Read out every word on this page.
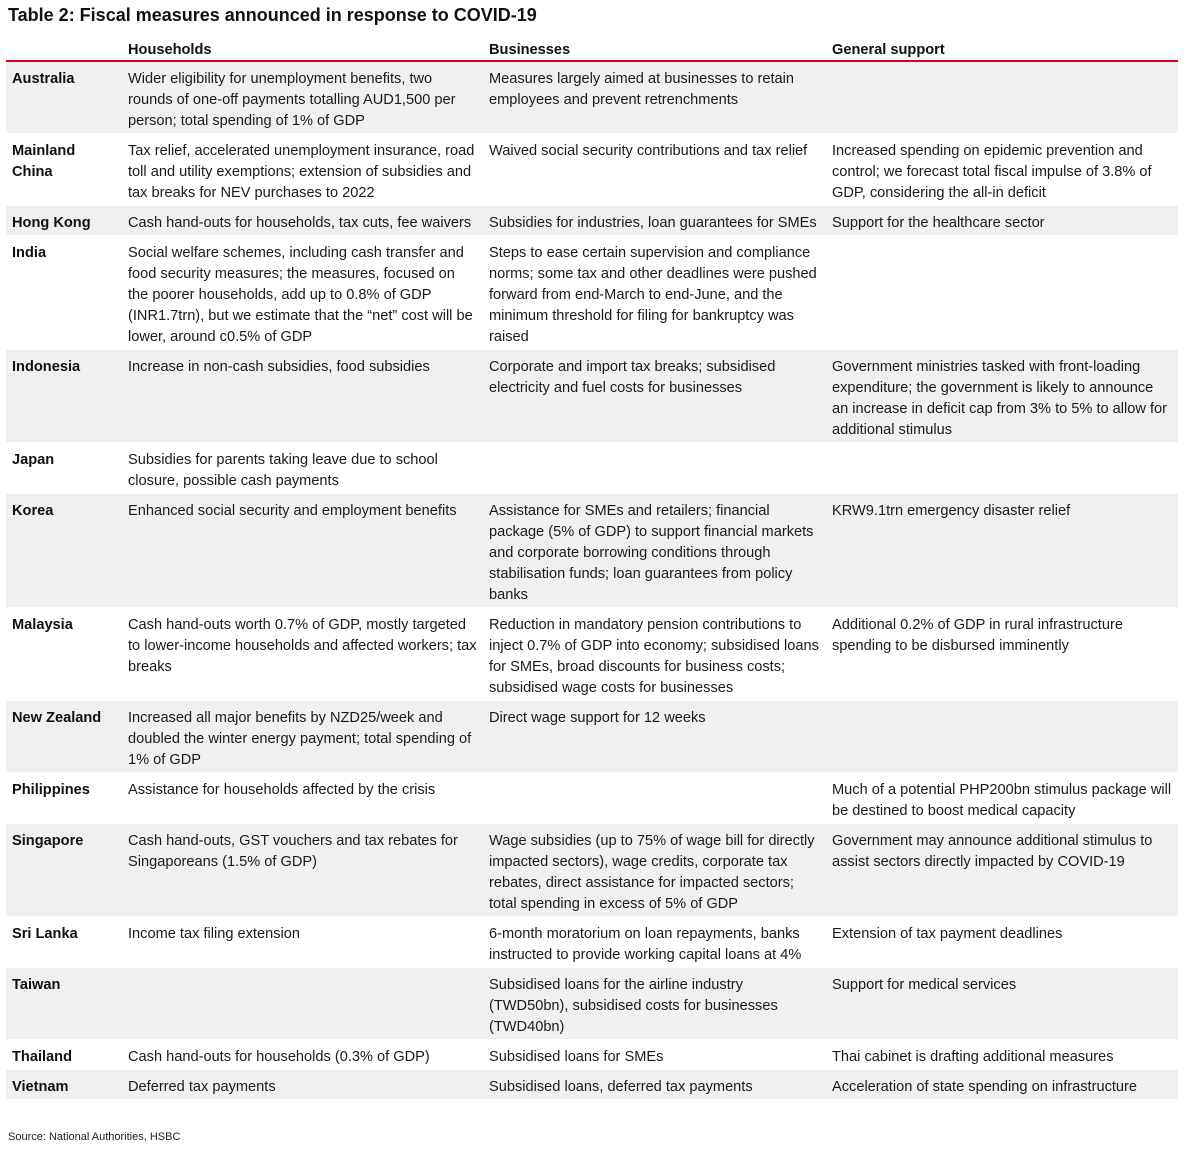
Table 2: Fiscal measures announced in response to COVID-19
	Households	Businesses	General support
Australia	Wider eligibility for unemployment benefits, two rounds of one-off payments totalling AUD1,500 per person; total spending of 1% of GDP	Measures largely aimed at businesses to retain employees and prevent retrenchments	
Mainland China	Tax relief, accelerated unemployment insurance, road toll and utility exemptions; extension of subsidies and tax breaks for NEV purchases to 2022	Waived social security contributions and tax relief	Increased spending on epidemic prevention and control; we forecast total fiscal impulse of 3.8% of GDP, considering the all-in deficit
Hong Kong	Cash hand-outs for households, tax cuts, fee waivers	Subsidies for industries, loan guarantees for SMEs	Support for the healthcare sector
India	Social welfare schemes, including cash transfer and food security measures; the measures, focused on the poorer households, add up to 0.8% of GDP (INR1.7trn), but we estimate that the “net” cost will be lower, around c0.5% of GDP	Steps to ease certain supervision and compliance norms; some tax and other deadlines were pushed forward from end-March to end-June, and the minimum threshold for filing for bankruptcy was raised	
Indonesia	Increase in non-cash subsidies, food subsidies	Corporate and import tax breaks; subsidised electricity and fuel costs for businesses	Government ministries tasked with front-loading expenditure; the government is likely to announce an increase in deficit cap from 3% to 5% to allow for additional stimulus
Japan	Subsidies for parents taking leave due to school closure, possible cash payments		
Korea	Enhanced social security and employment benefits	Assistance for SMEs and retailers; financial package (5% of GDP) to support financial markets and corporate borrowing conditions through stabilisation funds; loan guarantees from policy banks	KRW9.1trn emergency disaster relief
Malaysia	Cash hand-outs worth 0.7% of GDP, mostly targeted to lower-income households and affected workers; tax breaks	Reduction in mandatory pension contributions to inject 0.7% of GDP into economy; subsidised loans for SMEs, broad discounts for business costs; subsidised wage costs for businesses	Additional 0.2% of GDP in rural infrastructure spending to be disbursed imminently
New Zealand	Increased all major benefits by NZD25/week and doubled the winter energy payment; total spending of 1% of GDP	Direct wage support for 12 weeks	
Philippines	Assistance for households affected by the crisis		Much of a potential PHP200bn stimulus package will be destined to boost medical capacity
Singapore	Cash hand-outs, GST vouchers and tax rebates for Singaporeans (1.5% of GDP)	Wage subsidies (up to 75% of wage bill for directly impacted sectors), wage credits, corporate tax rebates, direct assistance for impacted sectors; total spending in excess of 5% of GDP	Government may announce additional stimulus to assist sectors directly impacted by COVID-19
Sri Lanka	Income tax filing extension	6-month moratorium on loan repayments, banks instructed to provide working capital loans at 4%	Extension of tax payment deadlines
Taiwan		Subsidised loans for the airline industry (TWD50bn), subsidised costs for businesses (TWD40bn)	Support for medical services
Thailand	Cash hand-outs for households (0.3% of GDP)	Subsidised loans for SMEs	Thai cabinet is drafting additional measures
Vietnam	Deferred tax payments	Subsidised loans, deferred tax payments	Acceleration of state spending on infrastructure
Source: National Authorities, HSBC
